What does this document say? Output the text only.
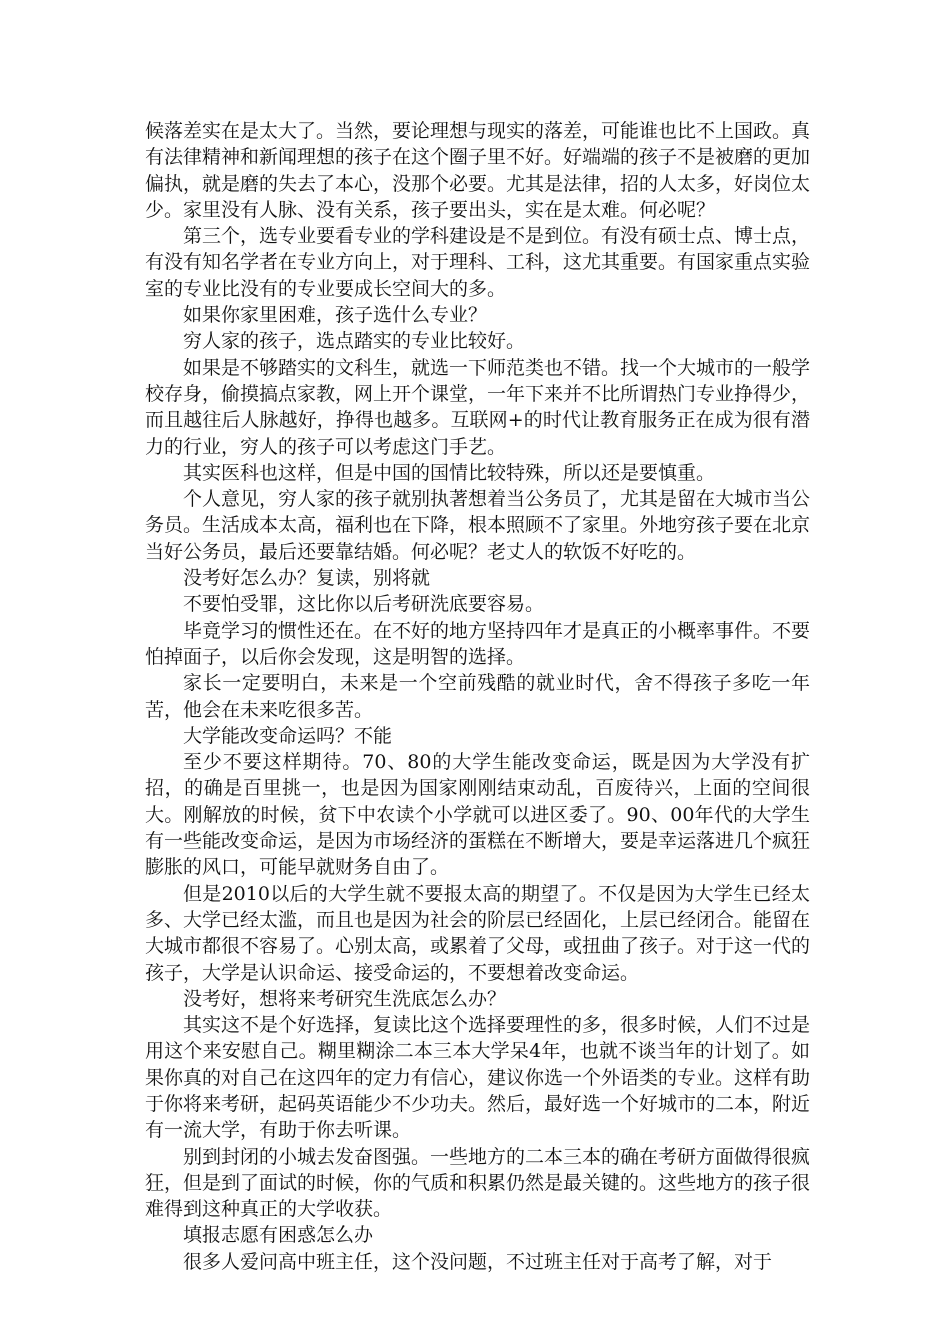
候落差实在是太大了。当然，要论理想与现实的落差，可能谁也比不上国政。真有法律精神和新闻理想的孩子在这个圈子里不好。好端端的孩子不是被磨的更加偏执，就是磨的失去了本心，没那个必要。尤其是法律，招的人太多，好岗位太少。家里没有人脉、没有关系，孩子要出头，实在是太难。何必呢？

第三个，选专业要看专业的学科建设是不是到位。有没有硕士点、博士点，有没有知名学者在专业方向上，对于理科、工科，这尤其重要。有国家重点实验室的专业比没有的专业要成长空间大的多。

如果你家里困难，孩子选什么专业？

穷人家的孩子，选点踏实的专业比较好。

如果是不够踏实的文科生，就选一下师范类也不错。找一个大城市的一般学校存身，偷摸搞点家教，网上开个课堂，一年下来并不比所谓热门专业挣得少，而且越往后人脉越好，挣得也越多。互联网+的时代让教育服务正在成为很有潜力的行业，穷人的孩子可以考虑这门手艺。

其实医科也这样，但是中国的国情比较特殊，所以还是要慎重。

个人意见，穷人家的孩子就别执著想着当公务员了，尤其是留在大城市当公务员。生活成本太高，福利也在下降，根本照顾不了家里。外地穷孩子要在北京当好公务员，最后还要靠结婚。何必呢？老丈人的软饭不好吃的。

没考好怎么办？复读，别将就

不要怕受罪，这比你以后考研洗底要容易。

毕竟学习的惯性还在。在不好的地方坚持四年才是真正的小概率事件。不要怕掉面子，以后你会发现，这是明智的选择。

家长一定要明白，未来是一个空前残酷的就业时代，舍不得孩子多吃一年苦，他会在未来吃很多苦。

大学能改变命运吗？不能

至少不要这样期待。70、80的大学生能改变命运，既是因为大学没有扩招，的确是百里挑一，也是因为国家刚刚结束动乱，百废待兴，上面的空间很大。刚解放的时候，贫下中农读个小学就可以进区委了。90、00年代的大学生有一些能改变命运，是因为市场经济的蛋糕在不断增大，要是幸运落进几个疯狂膨胀的风口，可能早就财务自由了。

但是2010以后的大学生就不要报太高的期望了。不仅是因为大学生已经太多、大学已经太滥，而且也是因为社会的阶层已经固化，上层已经闭合。能留在大城市都很不容易了。心别太高，或累着了父母，或扭曲了孩子。对于这一代的孩子，大学是认识命运、接受命运的，不要想着改变命运。

没考好，想将来考研究生洗底怎么办？

其实这不是个好选择，复读比这个选择要理性的多，很多时候，人们不过是用这个来安慰自己。糊里糊涂二本三本大学呆4年，也就不谈当年的计划了。如果你真的对自己在这四年的定力有信心，建议你选一个外语类的专业。这样有助于你将来考研，起码英语能少不少功夫。然后，最好选一个好城市的二本，附近有一流大学，有助于你去听课。

别到封闭的小城去发奋图强。一些地方的二本三本的确在考研方面做得很疯狂，但是到了面试的时候，你的气质和积累仍然是最关键的。这些地方的孩子很难得到这种真正的大学收获。

填报志愿有困惑怎么办

很多人爱问高中班主任，这个没问题，不过班主任对于高考了解，对于
